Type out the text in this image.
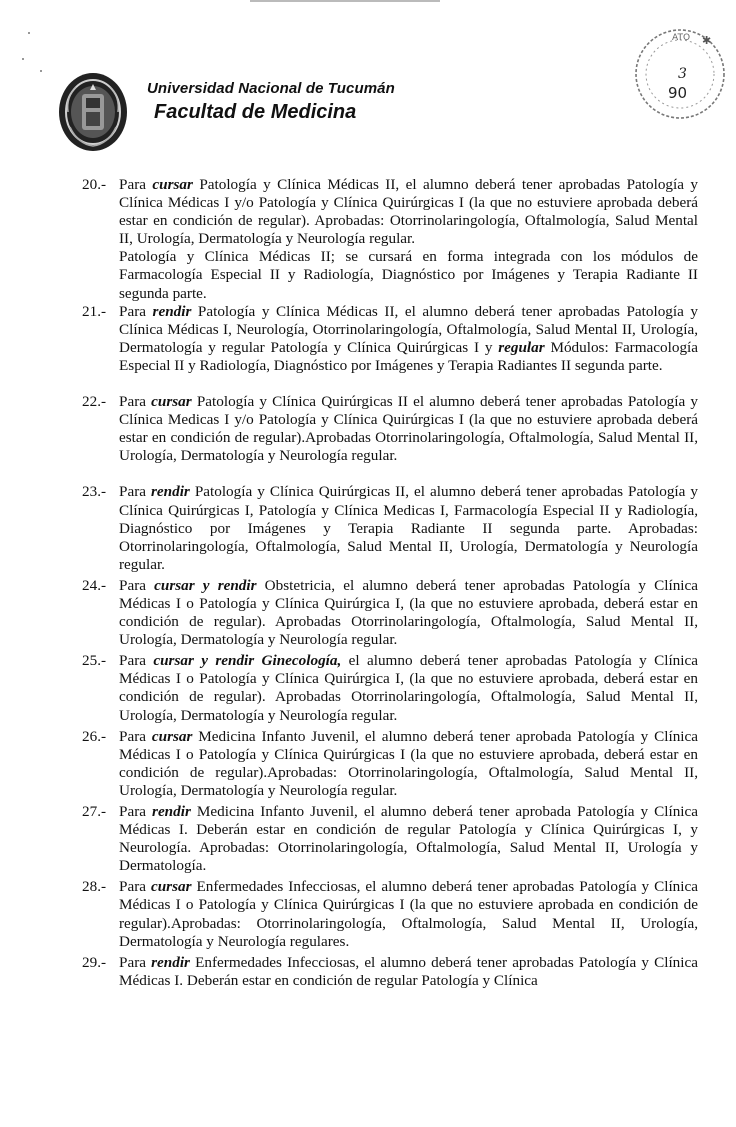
Universidad Nacional de Tucumán
Facultad de Medicina
ATO ✱
3
90
20.- Para cursar Patología y Clínica Médicas II, el alumno deberá tener aprobadas Patología y Clínica Médicas I y/o Patología y Clínica Quirúrgicas I (la que no estuviere aprobada deberá estar en condición de regular). Aprobadas: Otorrinolaringología, Oftalmología, Salud Mental II, Urología, Dermatología y Neurología regular.
Patología y Clínica Médicas II; se cursará en forma integrada con los módulos de Farmacología Especial II y Radiología, Diagnóstico por Imágenes y Terapia Radiante II segunda parte.
21.- Para rendir Patología y Clínica Médicas II, el alumno deberá tener aprobadas Patología y Clínica Médicas I, Neurología, Otorrinolaringología, Oftalmología, Salud Mental II, Urología, Dermatología y regular Patología y Clínica Quirúrgicas I y regular Módulos: Farmacología Especial II y Radiología, Diagnóstico por Imágenes y Terapia Radiantes II segunda parte.
22.- Para cursar Patología y Clínica Quirúrgicas II el alumno deberá tener aprobadas Patología y Clínica Medicas I y/o Patología y Clínica Quirúrgicas I (la que no estuviere aprobada deberá estar en condición de regular).Aprobadas Otorrinolaringología, Oftalmología, Salud Mental II, Urología, Dermatología y Neurología regular.
23.- Para rendir Patología y Clínica Quirúrgicas II, el alumno deberá tener aprobadas Patología y Clínica Quirúrgicas I, Patología y Clínica Medicas I, Farmacología Especial II y Radiología, Diagnóstico por Imágenes y Terapia Radiante II segunda parte. Aprobadas: Otorrinolaringología, Oftalmología, Salud Mental II, Urología, Dermatología y Neurología regular.
24.- Para cursar y rendir Obstetricia, el alumno deberá tener aprobadas Patología y Clínica Médicas I o Patología y Clínica Quirúrgica I, (la que no estuviere aprobada, deberá estar en condición de regular). Aprobadas Otorrinolaringología, Oftalmología, Salud Mental II, Urología, Dermatología y Neurología regular.
25.- Para cursar y rendir Ginecología, el alumno deberá tener aprobadas Patología y Clínica Médicas I o Patología y Clínica Quirúrgica I, (la que no estuviere aprobada, deberá estar en condición de regular). Aprobadas Otorrinolaringología, Oftalmología, Salud Mental II, Urología, Dermatología y Neurología regular.
26.- Para cursar Medicina Infanto Juvenil, el alumno deberá tener aprobada Patología y Clínica Médicas I o Patología y Clínica Quirúrgicas I (la que no estuviere aprobada, deberá estar en condición de regular).Aprobadas: Otorrinolaringología, Oftalmología, Salud Mental II, Urología, Dermatología y Neurología regular.
27.- Para rendir Medicina Infanto Juvenil, el alumno deberá tener aprobada Patología y Clínica Médicas I. Deberán estar en condición de regular Patología y Clínica Quirúrgicas I, y Neurología. Aprobadas: Otorrinolaringología, Oftalmología, Salud Mental II, Urología y Dermatología.
28.- Para cursar Enfermedades Infecciosas, el alumno deberá tener aprobadas Patología y Clínica Médicas I o Patología y Clínica Quirúrgicas I (la que no estuviere aprobada en condición de regular).Aprobadas: Otorrinolaringología, Oftalmología, Salud Mental II, Urología, Dermatología y Neurología regulares.
29.- Para rendir Enfermedades Infecciosas, el alumno deberá tener aprobadas Patología y Clínica Médicas I. Deberán estar en condición de regular Patología y Clínica
